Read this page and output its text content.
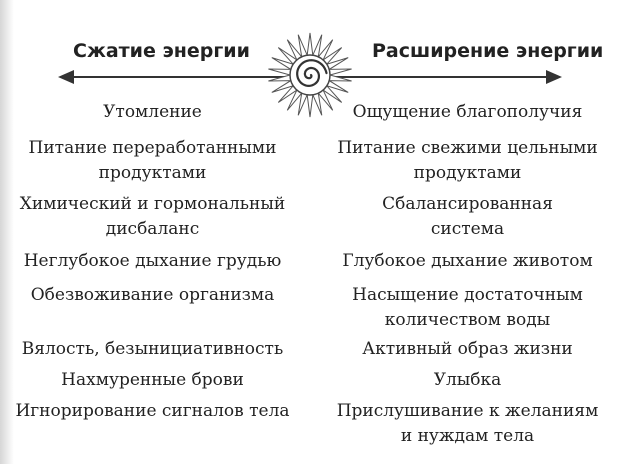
Сжатие энергии	Расширение энергии
Утомление
Питание переработанными
продуктами
Химический и гормональный
дисбаланс
Неглубокое дыхание грудью
Обезвоживание организма
Вялость, безынициативность
Нахмуренные брови
Игнорирование сигналов тела
Ощущение благополучия
Питание свежими цельными
продуктами
Сбалансированная
система
Глубокое дыхание животом
Насыщение достаточным
количеством воды
Активный образ жизни
Улыбка
Прислушивание к желаниям
и нуждам тела
